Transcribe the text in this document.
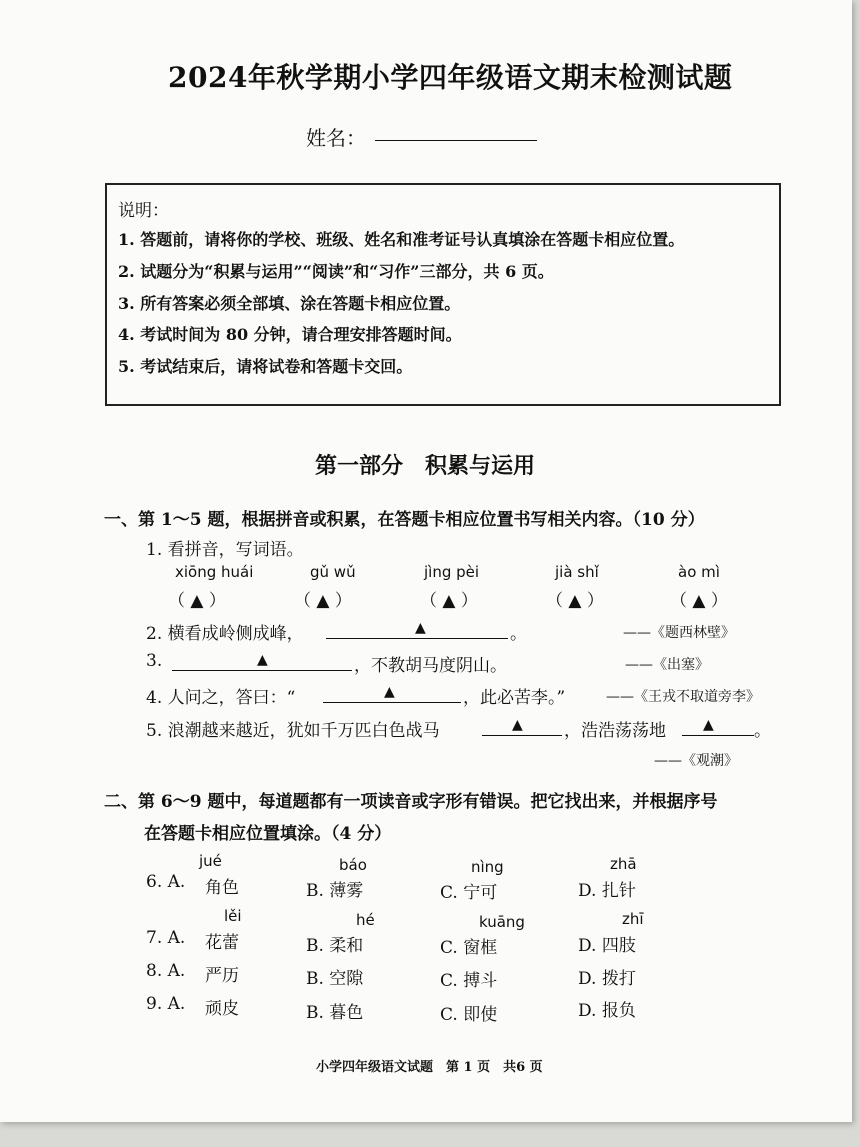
2024年秋学期小学四年级语文期末检测试题
姓名：
说明：
1. 答题前，请将你的学校、班级、姓名和准考证号认真填涂在答题卡相应位置。
2. 试题分为“积累与运用”“阅读”和“习作”三部分，共 6 页。
3. 所有答案必须全部填、涂在答题卡相应位置。
4. 考试时间为 80 分钟，请合理安排答题时间。
5. 考试结束后，请将试卷和答题卡交回。
第一部分　积累与运用
一、第 1～5 题，根据拼音或积累，在答题卡相应位置书写相关内容。（10 分）
1. 看拼音，写词语。
xiōng huái	gǔ wǔ	jìng pèi	jià shǐ	ào mì
（ ▲ ）	（ ▲ ）	（ ▲ ）	（ ▲ ）	（ ▲ ）
2. 横看成岭侧成峰，	▲	。	——《题西林壁》
3.	▲	，不教胡马度阴山。	——《出塞》
4. 人问之，答曰：“	▲	，此必苦李。”	——《王戎不取道旁李》
5. 浪潮越来越近，犹如千万匹白色战马	▲ ，浩浩荡荡地	▲ 。
——《观潮》
二、第 6～9 题中，每道题都有一项读音或字形有错误。把它找出来，并根据序号
在答题卡相应位置填涂。（4 分）
jué	báo	nìng	zhā
6. A. 角色	B. 薄雾	C. 宁可	D. 扎针
lěi	hé	kuāng	zhī
7. A. 花蕾	B. 柔和	C. 窗框	D. 四肢
8. A. 严历	B. 空隙	C. 搏斗	D. 拨打
9. A. 顽皮	B. 暮色	C. 即使	D. 报负
小学四年级语文试题　第 1 页　共6 页
